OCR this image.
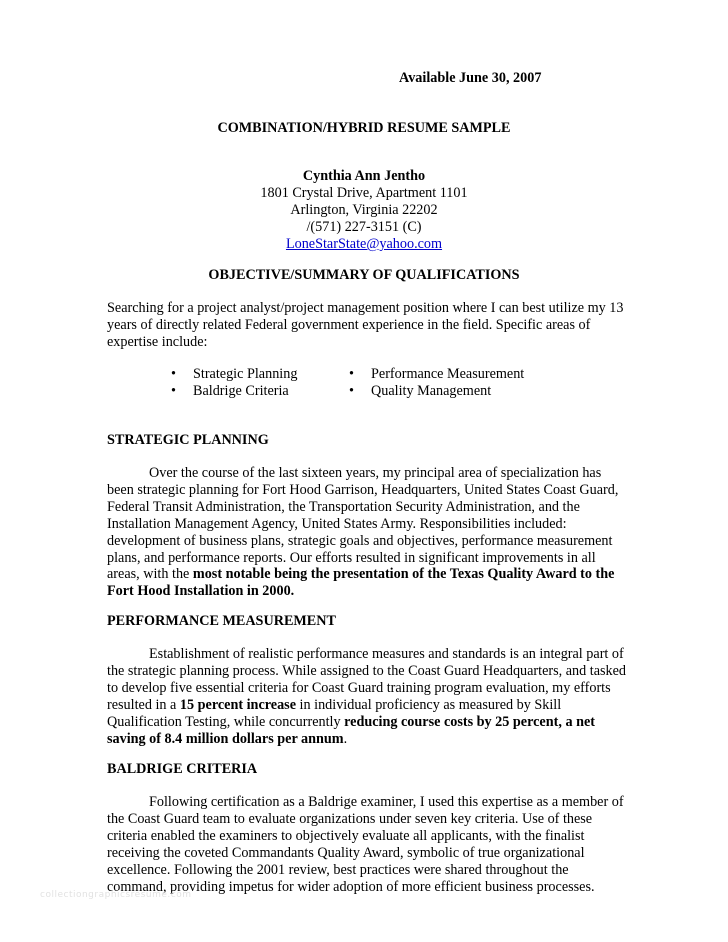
Available June 30, 2007
COMBINATION/HYBRID RESUME SAMPLE
Cynthia Ann Jentho
1801 Crystal Drive, Apartment 1101
Arlington, Virginia 22202
/(571) 227-3151 (C)
LoneStarState@yahoo.com
OBJECTIVE/SUMMARY OF QUALIFICATIONS

Searching for a project analyst/project management position where I can best utilize my 13 years of directly related Federal government experience in the field. Specific areas of expertise include:

• Strategic Planning
• Baldrige Criteria
• Performance Measurement
• Quality Management
STRATEGIC PLANNING

Over the course of the last sixteen years, my principal area of specialization has been strategic planning for Fort Hood Garrison, Headquarters, United States Coast Guard, Federal Transit Administration, the Transportation Security Administration, and the Installation Management Agency, United States Army. Responsibilities included: development of business plans, strategic goals and objectives, performance measurement plans, and performance reports. Our efforts resulted in significant improvements in all areas, with the most notable being the presentation of the Texas Quality Award to the Fort Hood Installation in 2000.

PERFORMANCE MEASUREMENT

Establishment of realistic performance measures and standards is an integral part of the strategic planning process. While assigned to the Coast Guard Headquarters, and tasked to develop five essential criteria for Coast Guard training program evaluation, my efforts resulted in a 15 percent increase in individual proficiency as measured by Skill Qualification Testing, while concurrently reducing course costs by 25 percent, a net saving of 8.4 million dollars per annum.

BALDRIGE CRITERIA

Following certification as a Baldrige examiner, I used this expertise as a member of the Coast Guard team to evaluate organizations under seven key criteria. Use of these criteria enabled the examiners to objectively evaluate all applicants, with the finalist receiving the coveted Commandants Quality Award, symbolic of true organizational excellence. Following the 2001 review, best practices were shared throughout the command, providing impetus for wider adoption of more efficient business processes.

collectiongraphicsresume.com
